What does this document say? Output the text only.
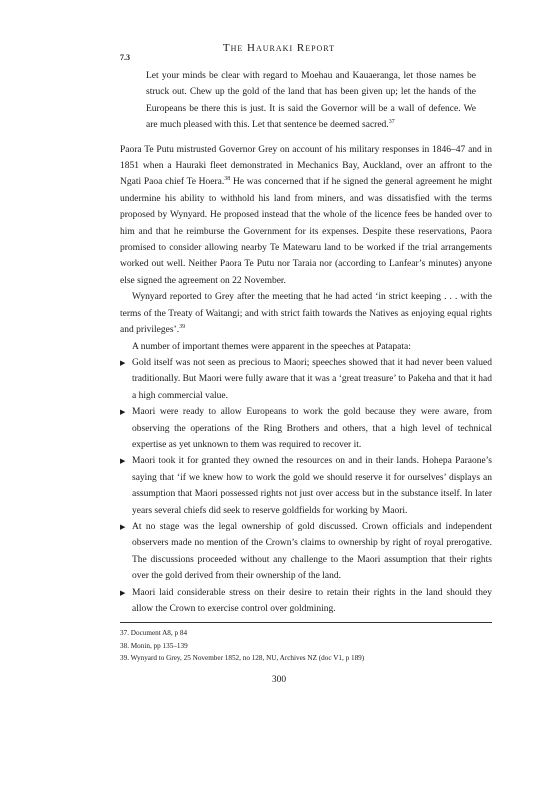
The Hauraki Report
7.3

Let your minds be clear with regard to Moehau and Kauaeranga, let those names be struck out. Chew up the gold of the land that has been given up; let the hands of the Europeans be there this is just. It is said the Governor will be a wall of defence. We are much pleased with this. Let that sentence be deemed sacred.$^{37}$

Paora Te Putu mistrusted Governor Grey on account of his military responses in 1846–47 and in 1851 when a Hauraki fleet demonstrated in Mechanics Bay, Auckland, over an affront to the Ngati Paoa chief Te Hoera.$^{38}$ He was concerned that if he signed the general agreement he might undermine his ability to withhold his land from miners, and was dissatisfied with the terms proposed by Wynyard. He proposed instead that the whole of the licence fees be handed over to him and that he reimburse the Government for its expenses. Despite these reservations, Paora promised to consider allowing nearby Te Matewaru land to be worked if the trial arrangements worked out well. Neither Paora Te Putu nor Taraia nor (according to Lanfear’s minutes) anyone else signed the agreement on 22 November.

Wynyard reported to Grey after the meeting that he had acted ‘in strict keeping . . . with the terms of the Treaty of Waitangi; and with strict faith towards the Natives as enjoying equal rights and privileges’.$^{39}$

A number of important themes were apparent in the speeches at Patapata:

▶ Gold itself was not seen as precious to Maori; speeches showed that it had never been valued traditionally. But Maori were fully aware that it was a ‘great treasure’ to Pakeha and that it had a high commercial value.
▶ Maori were ready to allow Europeans to work the gold because they were aware, from observing the operations of the Ring Brothers and others, that a high level of technical expertise as yet unknown to them was required to recover it.
▶ Maori took it for granted they owned the resources on and in their lands. Hohepa Paraone’s saying that ‘if we knew how to work the gold we should reserve it for ourselves’ displays an assumption that Maori possessed rights not just over access but in the substance itself. In later years several chiefs did seek to reserve goldfields for working by Maori.
▶ At no stage was the legal ownership of gold discussed. Crown officials and independent observers made no mention of the Crown’s claims to ownership by right of royal prerogative. The discussions proceeded without any challenge to the Maori assumption that their rights over the gold derived from their ownership of the land.
▶ Maori laid considerable stress on their desire to retain their rights in the land should they allow the Crown to exercise control over goldmining.
37. Document A8, p 84
38. Monin, pp 135–139
39. Wynyard to Grey, 25 November 1852, no 128, NU, Archives NZ (doc V1, p 189)
300
